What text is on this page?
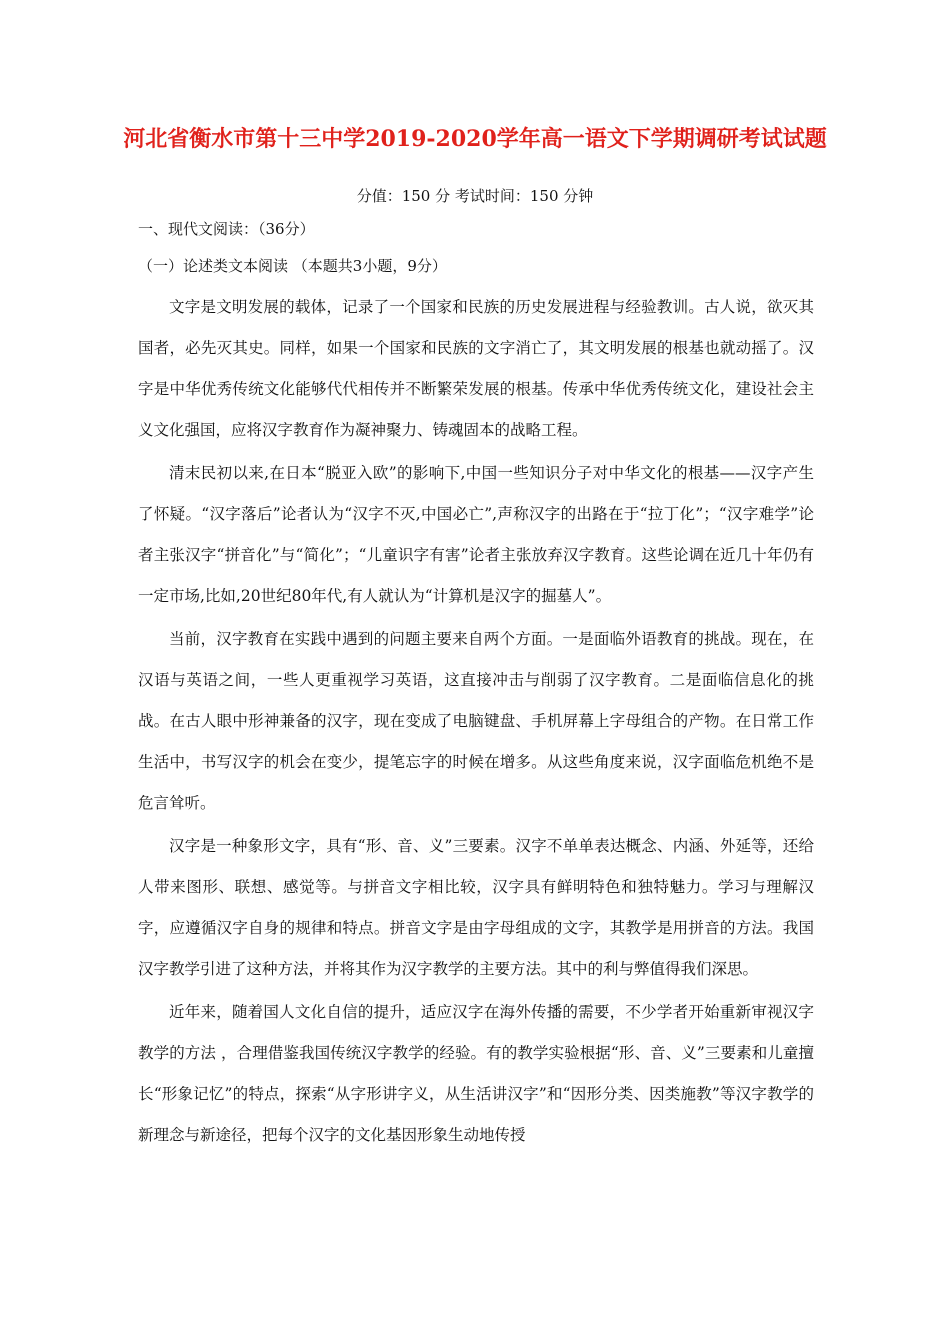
河北省衡水市第十三中学2019-2020学年高一语文下学期调研考试试题
分值：150 分 考试时间：150 分钟
一、现代文阅读：（36分）
（一）论述类文本阅读 （本题共3小题，9分）

文字是文明发展的载体，记录了一个国家和民族的历史发展进程与经验教训。古人说，欲灭其国者，必先灭其史。同样，如果一个国家和民族的文字消亡了，其文明发展的根基也就动摇了。汉字是中华优秀传统文化能够代代相传并不断繁荣发展的根基。传承中华优秀传统文化，建设社会主义文化强国，应将汉字教育作为凝神聚力、铸魂固本的战略工程。

清末民初以来,在日本“脱亚入欧”的影响下,中国一些知识分子对中华文化的根基——汉字产生了怀疑。“汉字落后”论者认为“汉字不灭,中国必亡”,声称汉字的出路在于“拉丁化”；“汉字难学”论者主张汉字“拼音化”与“简化”；“儿童识字有害”论者主张放弃汉字教育。这些论调在近几十年仍有一定市场,比如,20世纪80年代,有人就认为“计算机是汉字的掘墓人”。

当前，汉字教育在实践中遇到的问题主要来自两个方面。一是面临外语教育的挑战。现在，在汉语与英语之间，一些人更重视学习英语，这直接冲击与削弱了汉字教育。二是面临信息化的挑战。在古人眼中形神兼备的汉字，现在变成了电脑键盘、手机屏幕上字母组合的产物。在日常工作生活中，书写汉字的机会在变少，提笔忘字的时候在增多。从这些角度来说，汉字面临危机绝不是危言耸听。

汉字是一种象形文字，具有“形、音、义”三要素。汉字不单单表达概念、内涵、外延等，还给人带来图形、联想、感觉等。与拼音文字相比较，汉字具有鲜明特色和独特魅力。学习与理解汉字，应遵循汉字自身的规律和特点。拼音文字是由字母组成的文字，其教学是用拼音的方法。我国汉字教学引进了这种方法，并将其作为汉字教学的主要方法。其中的利与弊值得我们深思。

近年来，随着国人文化自信的提升，适应汉字在海外传播的需要，不少学者开始重新审视汉字教学的方法 ，合理借鉴我国传统汉字教学的经验。有的教学实验根据“形、音、义”三要素和儿童擅长“形象记忆”的特点，探索“从字形讲字义，从生活讲汉字”和“因形分类、因类施教”等汉字教学的新理念与新途径，把每个汉字的文化基因形象生动地传授
